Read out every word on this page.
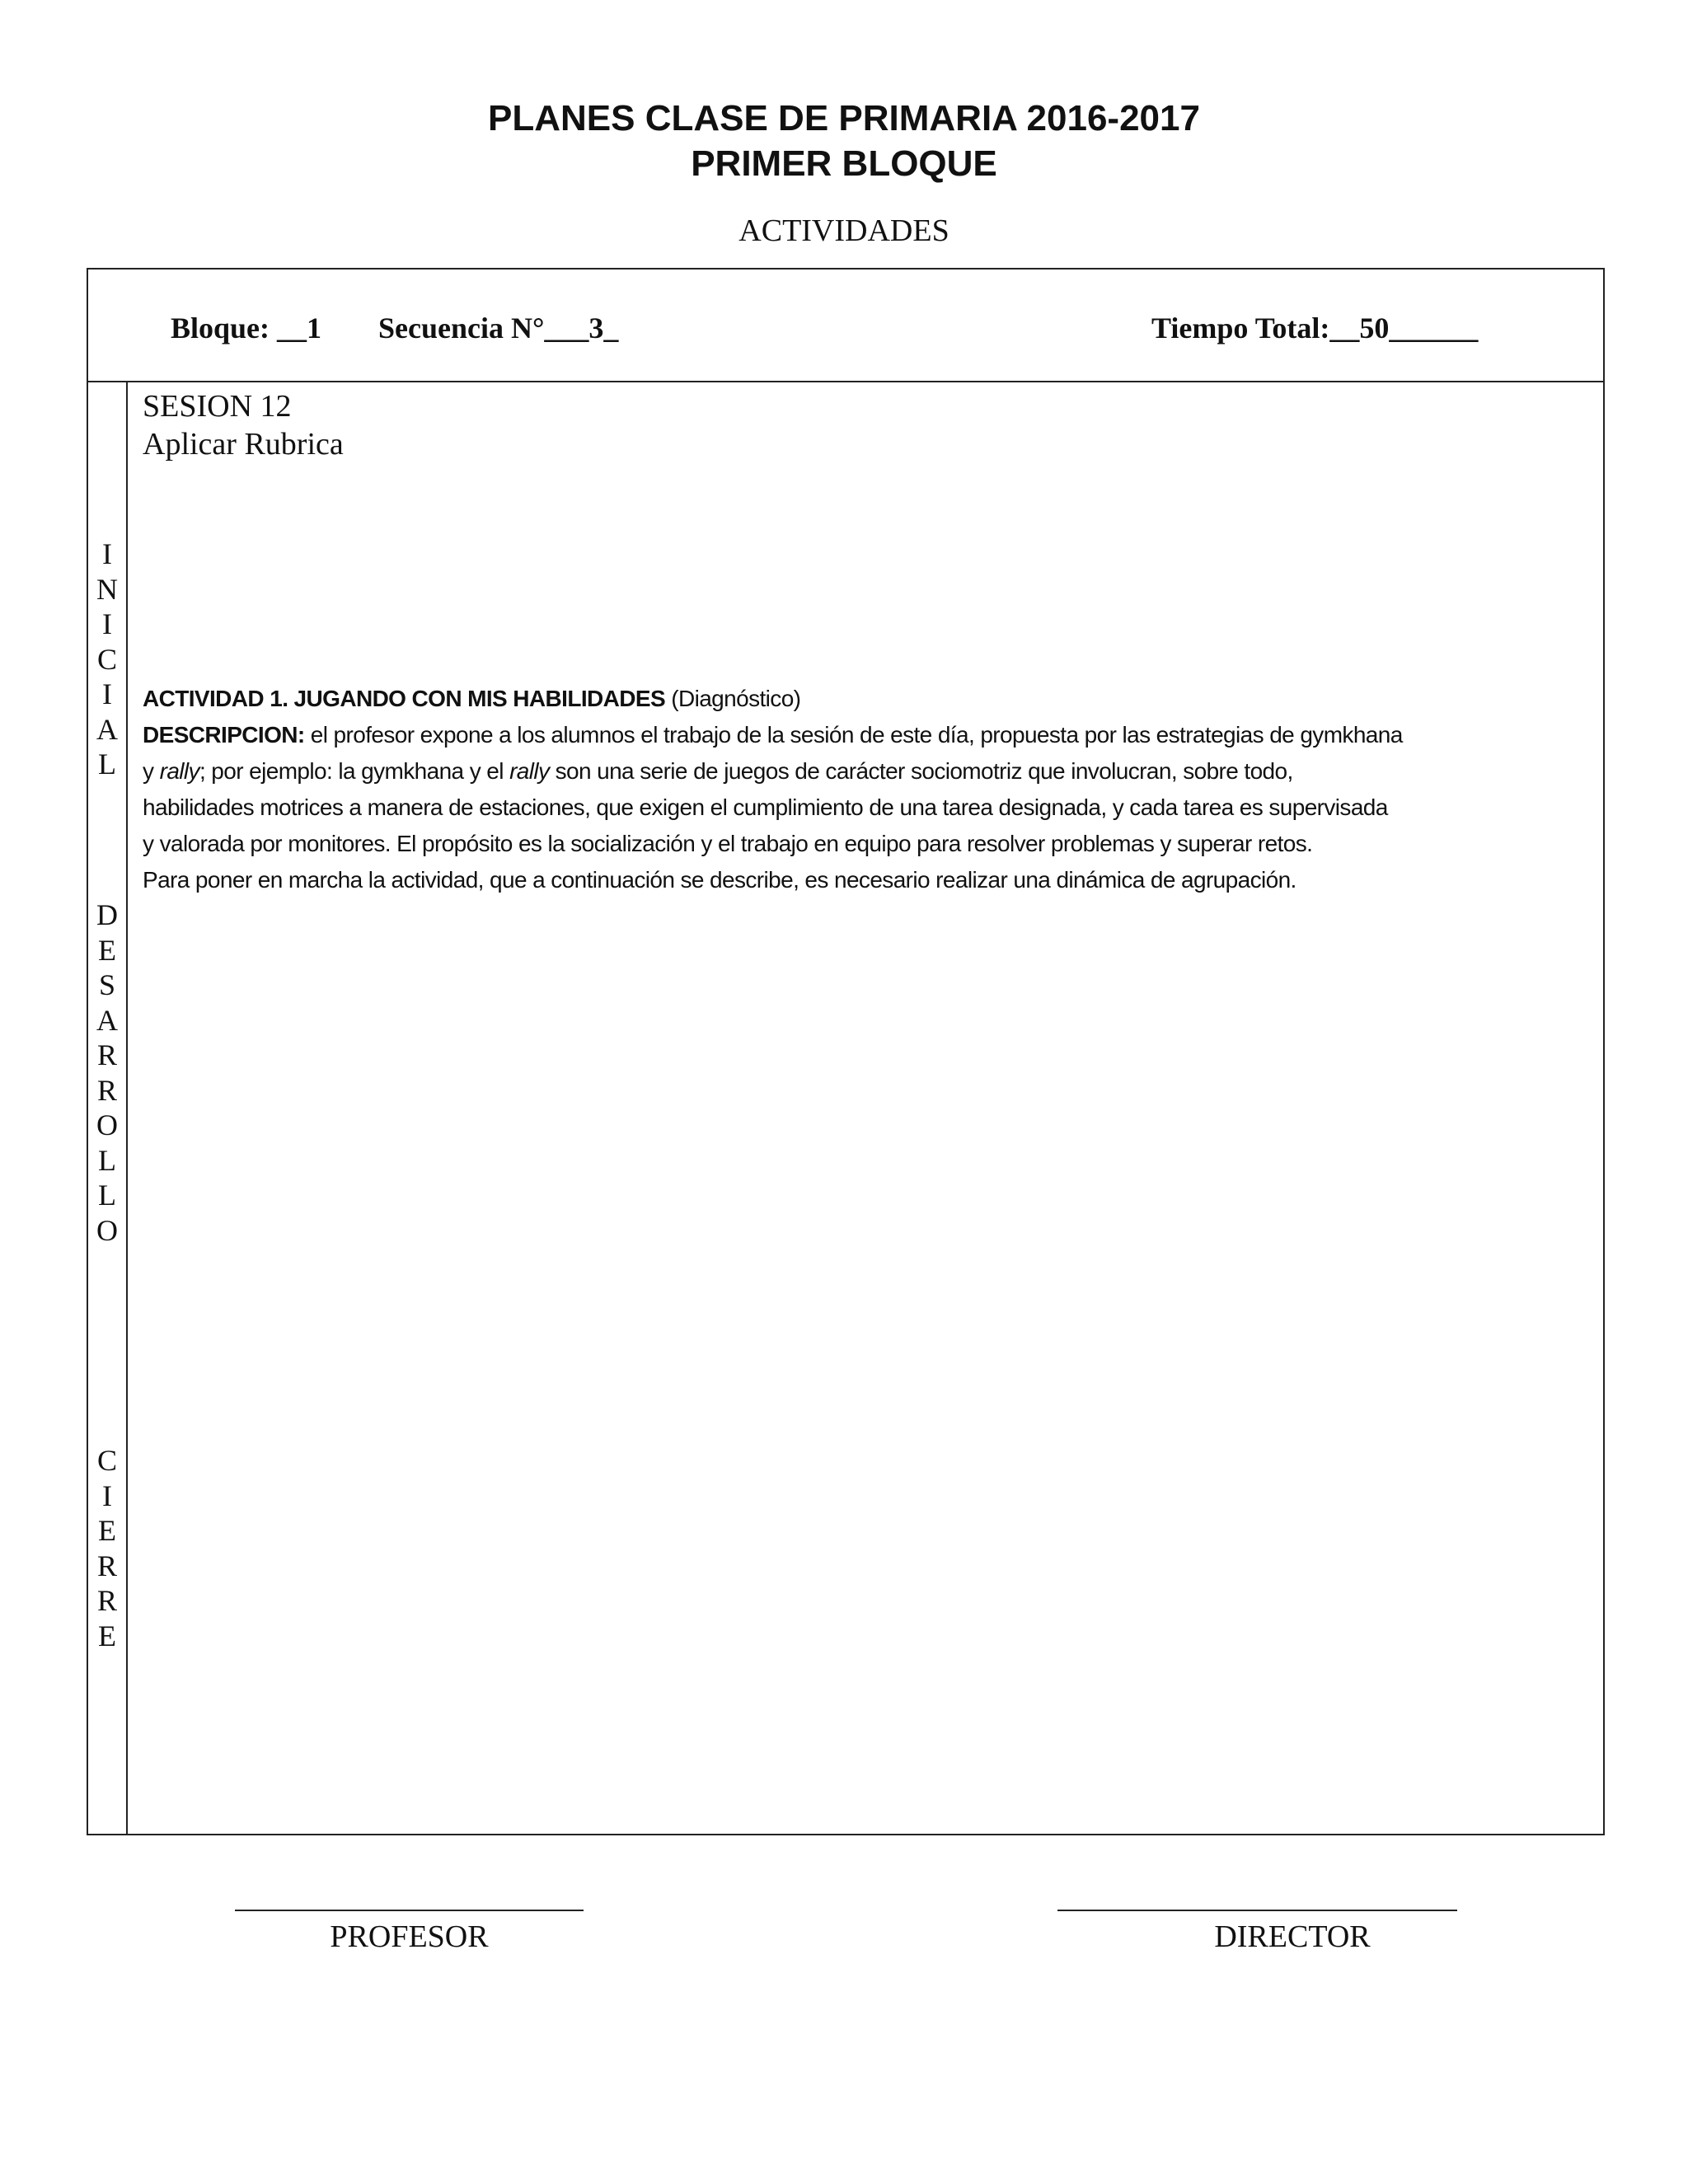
PLANES CLASE DE PRIMARIA 2016-2017
PRIMER BLOQUE
ACTIVIDADES
Bloque: __1 Secuencia N°___3_	Tiempo Total:__50______
I
N
I
C
I
A
L
D
E
S
A
R
R
O
L
L
O
C
I
E
R
R
E

SESION 12

Aplicar Rubrica

ACTIVIDAD 1. JUGANDO CON MIS HABILIDADES (Diagnóstico)

DESCRIPCION: el profesor expone a los alumnos el trabajo de la sesión de este día, propuesta por las estrategias de gymkhana

y rally; por ejemplo: la gymkhana y el rally son una serie de juegos de carácter sociomotriz que involucran, sobre todo,

habilidades motrices a manera de estaciones, que exigen el cumplimiento de una tarea designada, y cada tarea es supervisada

y valorada por monitores. El propósito es la socialización y el trabajo en equipo para resolver problemas y superar retos.

Para poner en marcha la actividad, que a continuación se describe, es necesario realizar una dinámica de agrupación.

PROFESOR	DIRECTOR
